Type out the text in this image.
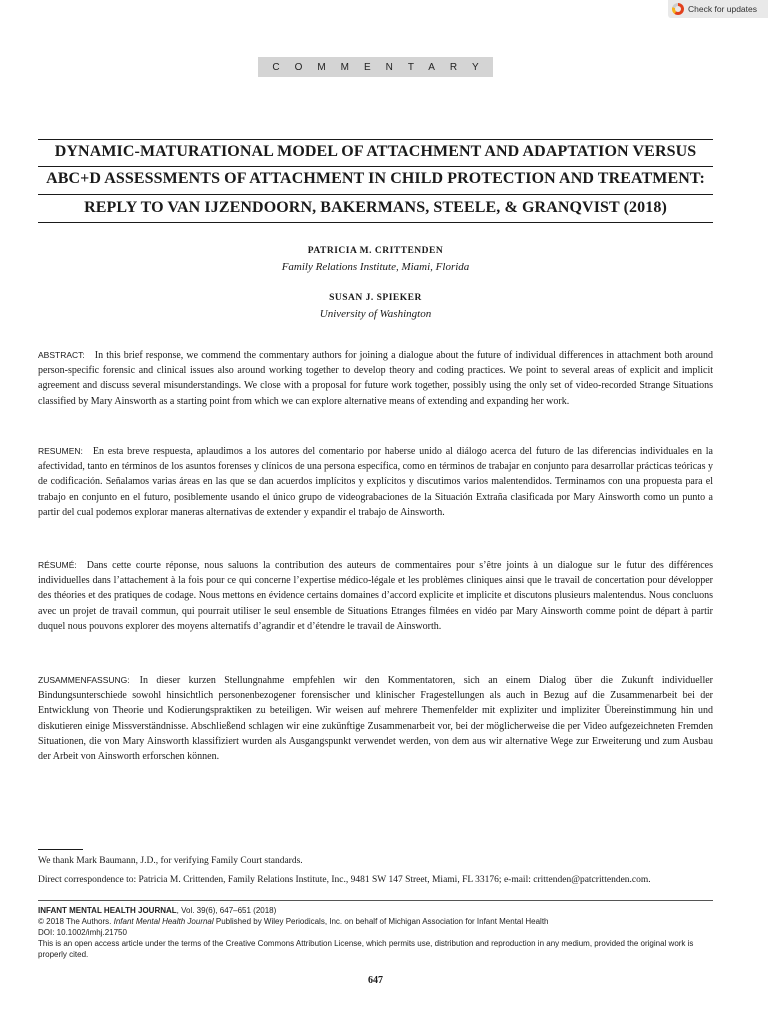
Check for updates
COMMENTARY
DYNAMIC-MATURATIONAL MODEL OF ATTACHMENT AND ADAPTATION VERSUS
ABC+D ASSESSMENTS OF ATTACHMENT IN CHILD PROTECTION AND TREATMENT:
REPLY TO VAN IJZENDOORN, BAKERMANS, STEELE, & GRANQVIST (2018)
PATRICIA M. CRITTENDEN
Family Relations Institute, Miami, Florida
SUSAN J. SPIEKER
University of Washington
ABSTRACT: In this brief response, we commend the commentary authors for joining a dialogue about the future of individual differences in attachment both around person-specific forensic and clinical issues also around working together to develop theory and coding practices. We point to several areas of explicit and implicit agreement and discuss several misunderstandings. We close with a proposal for future work together, possibly using the only set of video-recorded Strange Situations classified by Mary Ainsworth as a starting point from which we can explore alternative means of extending and expanding her work.
RESUMEN: En esta breve respuesta, aplaudimos a los autores del comentario por haberse unido al diálogo acerca del futuro de las diferencias individuales en la afectividad, tanto en términos de los asuntos forenses y clínicos de una persona específica, como en términos de trabajar en conjunto para desarrollar prácticas teóricas y de codificación. Señalamos varias áreas en las que se dan acuerdos implícitos y explícitos y discutimos varios malentendidos. Terminamos con una propuesta para el trabajo en conjunto en el futuro, posiblemente usando el único grupo de videograbaciones de la Situación Extraña clasificada por Mary Ainsworth como un punto a partir del cual podemos explorar maneras alternativas de extender y expandir el trabajo de Ainsworth.
RÉSUMÉ: Dans cette courte réponse, nous saluons la contribution des auteurs de commentaires pour s’être joints à un dialogue sur le futur des différences individuelles dans l’attachement à la fois pour ce qui concerne l’expertise médico-légale et les problèmes cliniques ainsi que le travail de concertation pour développer des théories et des pratiques de codage. Nous mettons en évidence certains domaines d’accord explicite et implicite et discutons plusieurs malentendus. Nous concluons avec un projet de travail commun, qui pourrait utiliser le seul ensemble de Situations Etranges filmées en vidéo par Mary Ainsworth comme point de départ à partir duquel nous pouvons explorer des moyens alternatifs d’agrandir et d’étendre le travail de Ainsworth.
ZUSAMMENFASSUNG: In dieser kurzen Stellungnahme empfehlen wir den Kommentatoren, sich an einem Dialog über die Zukunft individueller Bindungsunterschiede sowohl hinsichtlich personenbezogener forensischer und klinischer Fragestellungen als auch in Bezug auf die Zusammenarbeit bei der Entwicklung von Theorie und Kodierungspraktiken zu beteiligen. Wir weisen auf mehrere Themenfelder mit expliziter und impliziter Übereinstimmung hin und diskutieren einige Missverständnisse. Abschließend schlagen wir eine zukünftige Zusammenarbeit vor, bei der möglicherweise die per Video aufgezeichneten Fremden Situationen, die von Mary Ainsworth klassifiziert wurden als Ausgangspunkt verwendet werden, von dem aus wir alternative Wege zur Erweiterung und zum Ausbau der Arbeit von Ainsworth erforschen können.
We thank Mark Baumann, J.D., for verifying Family Court standards.
Direct correspondence to: Patricia M. Crittenden, Family Relations Institute, Inc., 9481 SW 147 Street, Miami, FL 33176; e-mail: crittenden@patcrittenden.com.
INFANT MENTAL HEALTH JOURNAL, Vol. 39(6), 647–651 (2018)
© 2018 The Authors. Infant Mental Health Journal Published by Wiley Periodicals, Inc. on behalf of Michigan Association for Infant Mental Health
DOI: 10.1002/imhj.21750
This is an open access article under the terms of the Creative Commons Attribution License, which permits use, distribution and reproduction in any medium, provided the original work is properly cited.
647
